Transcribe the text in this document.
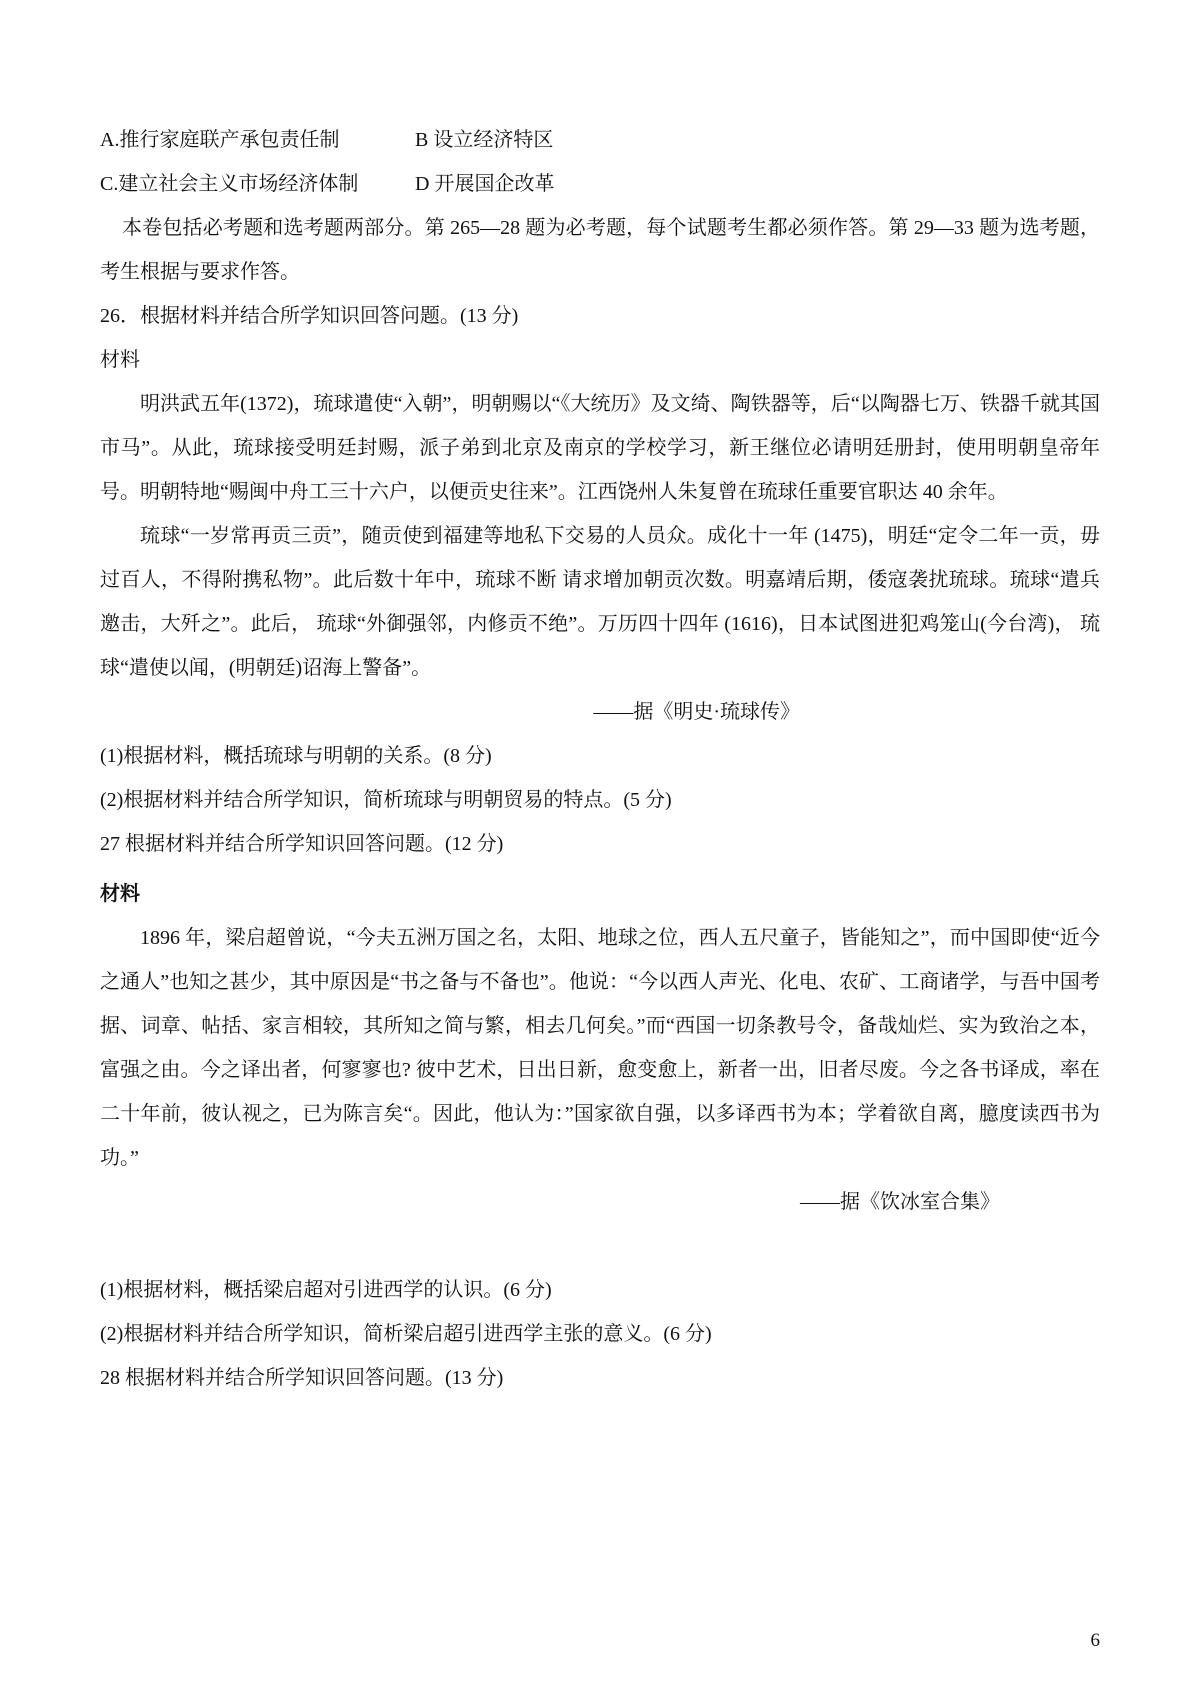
A.推行家庭联产承包责任制	B 设立经济特区
C.建立社会主义市场经济体制	D 开展国企改革

本卷包括必考题和选考题两部分。第 265—28 题为必考题，每个试题考生都必须作答。第 29—33 题为选考题，考生根据与要求作答。

26．根据材料并结合所学知识回答问题。(13 分)

材料

明洪武五年(1372)，琉球遣使“入朝”，明朝赐以“《大统历》及文绮、陶铁器等，后“以陶器七万、铁器千就其国市马”。从此，琉球接受明廷封赐，派子弟到北京及南京的学校学习，新王继位必请明廷册封，使用明朝皇帝年号。明朝特地“赐闽中舟工三十六户，以便贡史往来”。江西饶州人朱复曾在琉球任重要官职达 40 余年。

琉球“一岁常再贡三贡”，随贡使到福建等地私下交易的人员众。成化十一年 (1475)，明廷“定令二年一贡，毋过百人，不得附携私物”。此后数十年中，琉球不断 请求增加朝贡次数。明嘉靖后期，倭寇袭扰琉球。琉球“遣兵邀击，大歼之”。此后， 琉球“外御强邻，内修贡不绝”。万历四十四年 (1616)，日本试图进犯鸡笼山(今台湾)， 琉球“遣使以闻，(明朝廷)诏海上警备”。

——据《明史·琉球传》

(1)根据材料，概括琉球与明朝的关系。(8 分)

(2)根据材料并结合所学知识，简析琉球与明朝贸易的特点。(5 分)

27 根据材料并结合所学知识回答问题。(12 分)

材料

1896 年，梁启超曾说，“今夫五洲万国之名，太阳、地球之位，西人五尺童子，皆能知之”，而中国即使“近今之通人”也知之甚少，其中原因是“书之备与不备也”。他说：“今以西人声光、化电、农矿、工商诸学，与吾中国考据、词章、帖括、家言相较，其所知之简与繁，相去几何矣。”而“西国一切条教号令，备哉灿烂、实为致治之本，富强之由。今之译出者，何寥寥也? 彼中艺术，日出日新，愈变愈上，新者一出，旧者尽废。今之各书译成，率在二十年前，彼认视之，已为陈言矣“。因此，他认为：”国家欲自强，以多译西书为本；学着欲自离，臆度读西书为功。”

——据《饮冰室合集》

(1)根据材料，概括梁启超对引进西学的认识。(6 分)

(2)根据材料并结合所学知识，简析梁启超引进西学主张的意义。(6 分)

28 根据材料并结合所学知识回答问题。(13 分)

6
